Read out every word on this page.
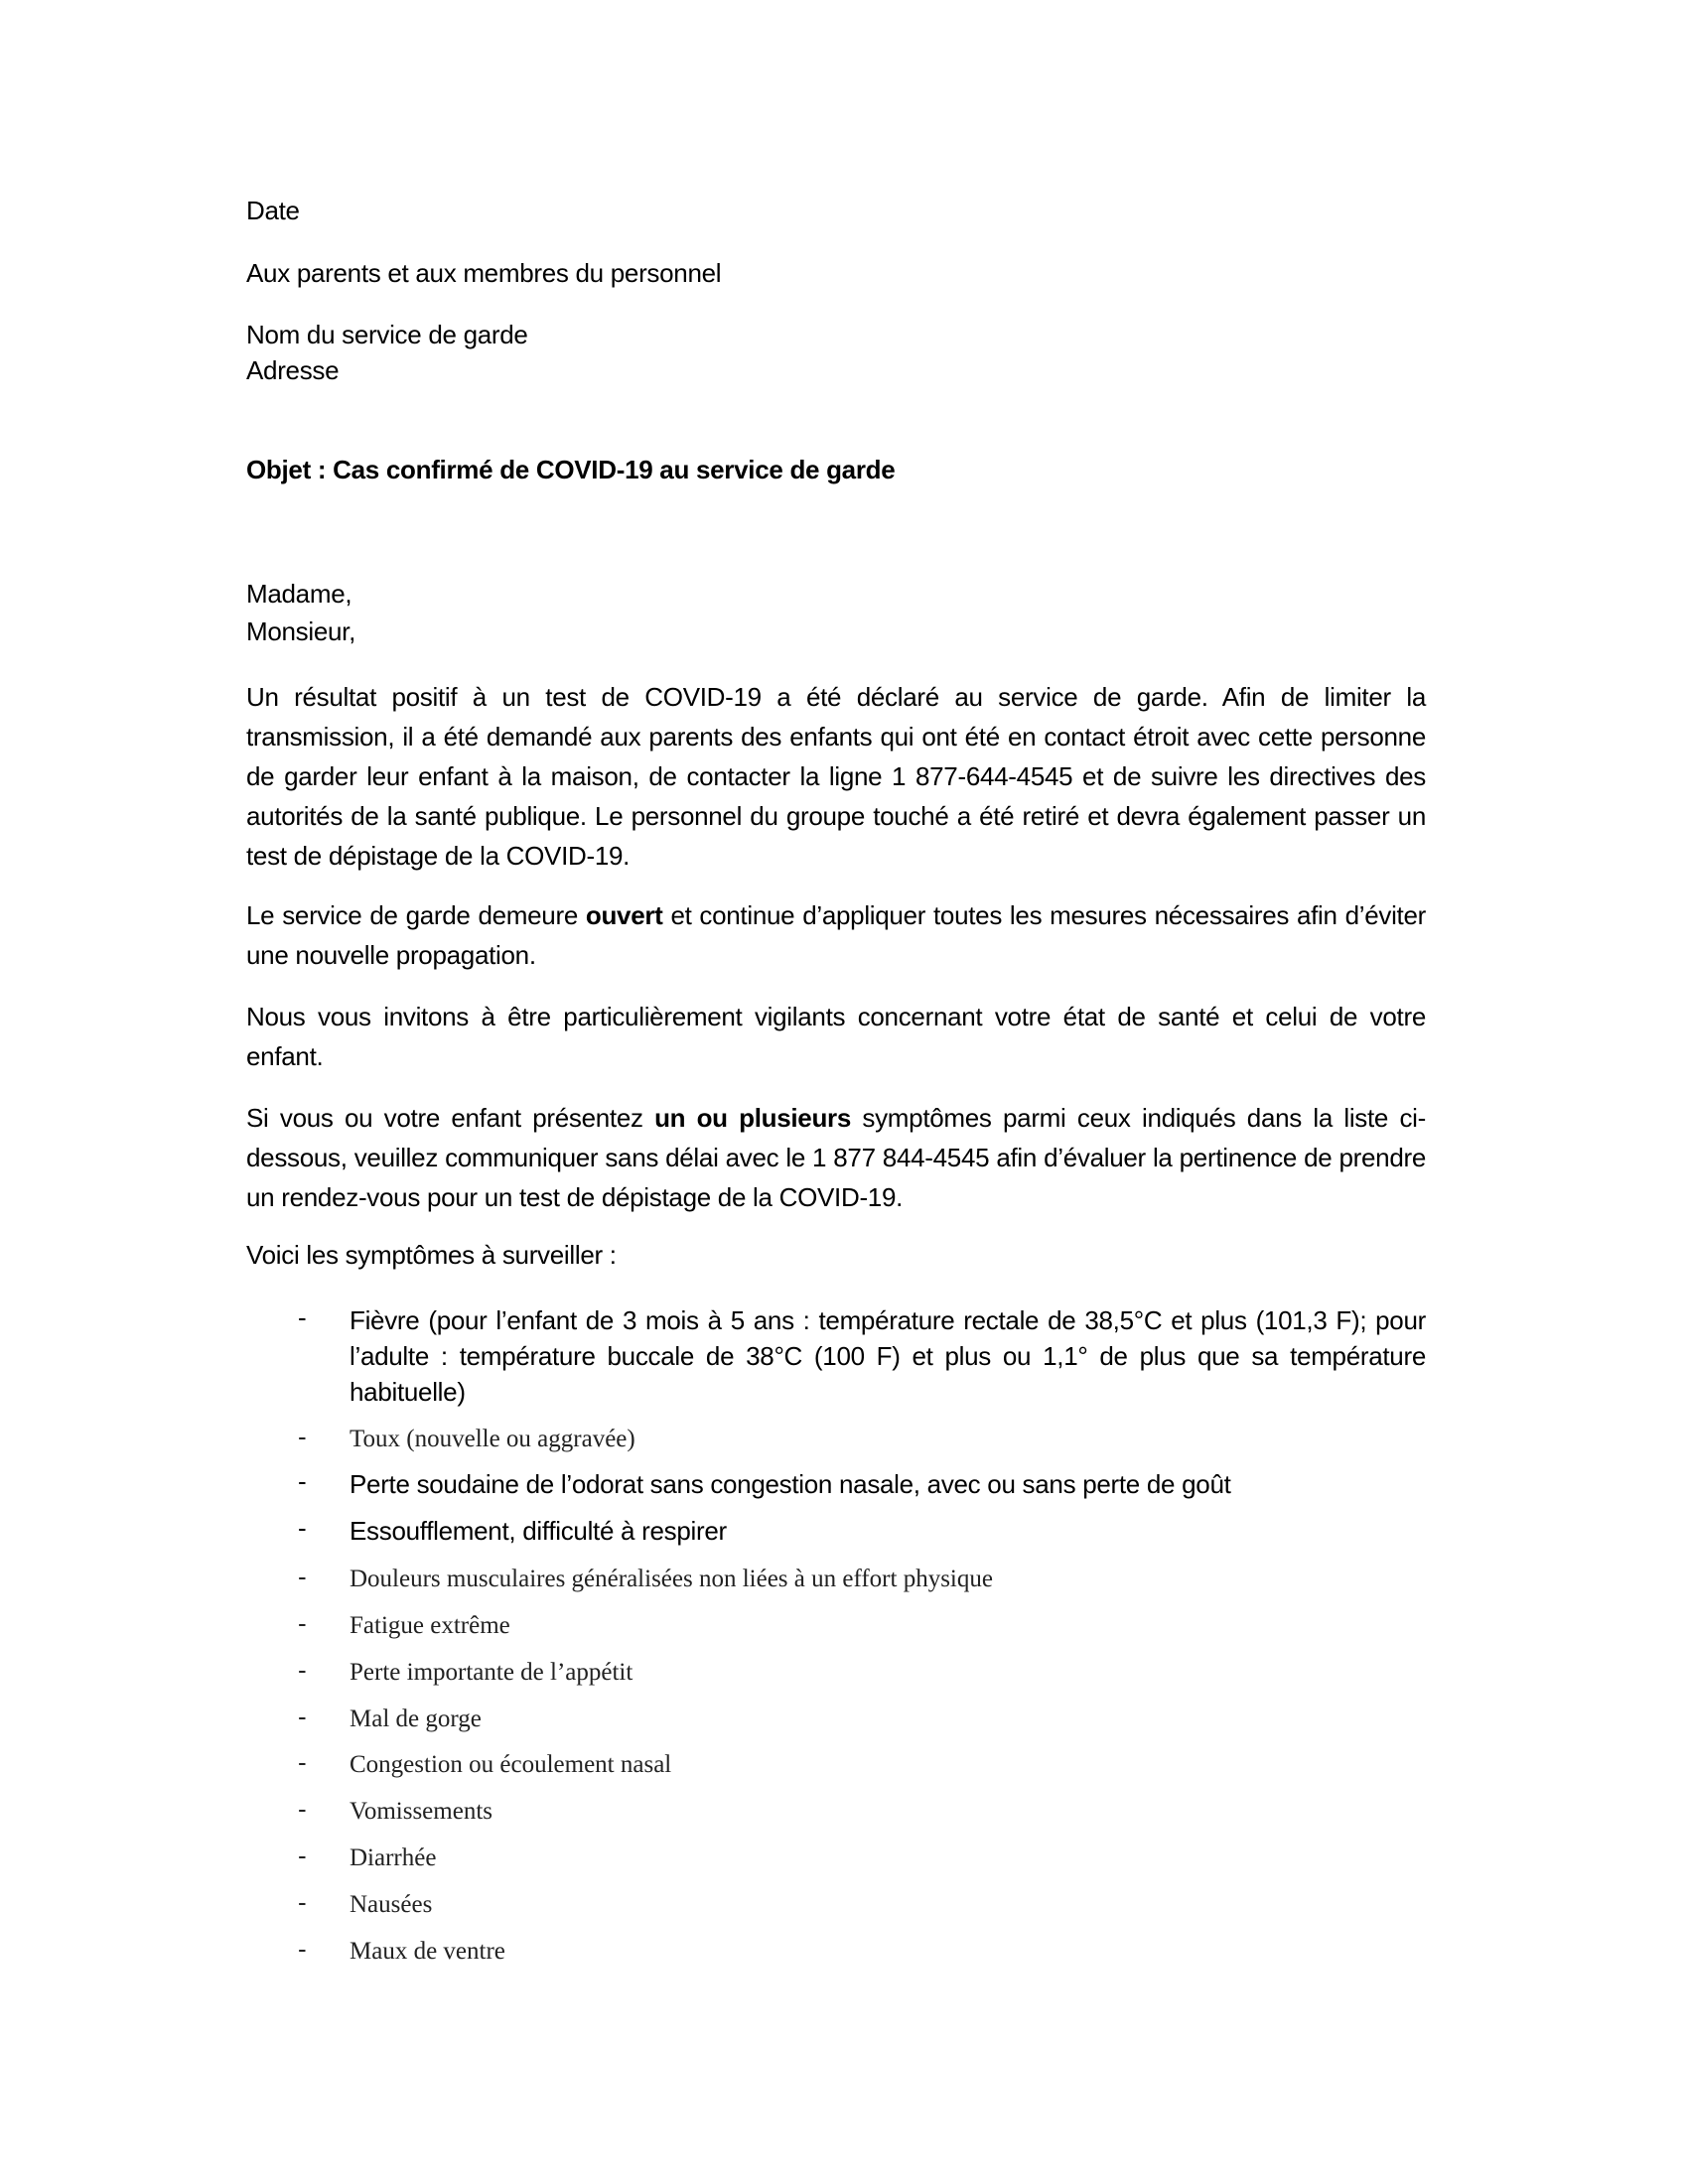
Date
Aux parents et aux membres du personnel
Nom du service de garde
Adresse
Objet : Cas confirmé de COVID-19 au service de garde
Madame,
Monsieur,
Un résultat positif à un test de COVID-19 a été déclaré au service de garde. Afin de limiter la transmission, il a été demandé aux parents des enfants qui ont été en contact étroit avec cette personne de garder leur enfant à la maison, de contacter la ligne 1 877-644-4545 et de suivre les directives des autorités de la santé publique. Le personnel du groupe touché a été retiré et devra également passer un test de dépistage de la COVID-19.
Le service de garde demeure ouvert et continue d’appliquer toutes les mesures nécessaires afin d’éviter une nouvelle propagation.
Nous vous invitons à être particulièrement vigilants concernant votre état de santé et celui de votre enfant.
Si vous ou votre enfant présentez un ou plusieurs symptômes parmi ceux indiqués dans la liste ci-dessous, veuillez communiquer sans délai avec le 1 877 844-4545 afin d’évaluer la pertinence de prendre un rendez-vous pour un test de dépistage de la COVID-19.
Voici les symptômes à surveiller :
- Fièvre (pour l’enfant de 3 mois à 5 ans : température rectale de 38,5°C et plus (101,3 F); pour l’adulte : température buccale de 38°C (100 F) et plus ou 1,1° de plus que sa température habituelle)
- Toux (nouvelle ou aggravée)
- Perte soudaine de l’odorat sans congestion nasale, avec ou sans perte de goût
- Essoufflement, difficulté à respirer
- Douleurs musculaires généralisées non liées à un effort physique
- Fatigue extrême
- Perte importante de l’appétit
- Mal de gorge
- Congestion ou écoulement nasal
- Vomissements
- Diarrhée
- Nausées
- Maux de ventre
